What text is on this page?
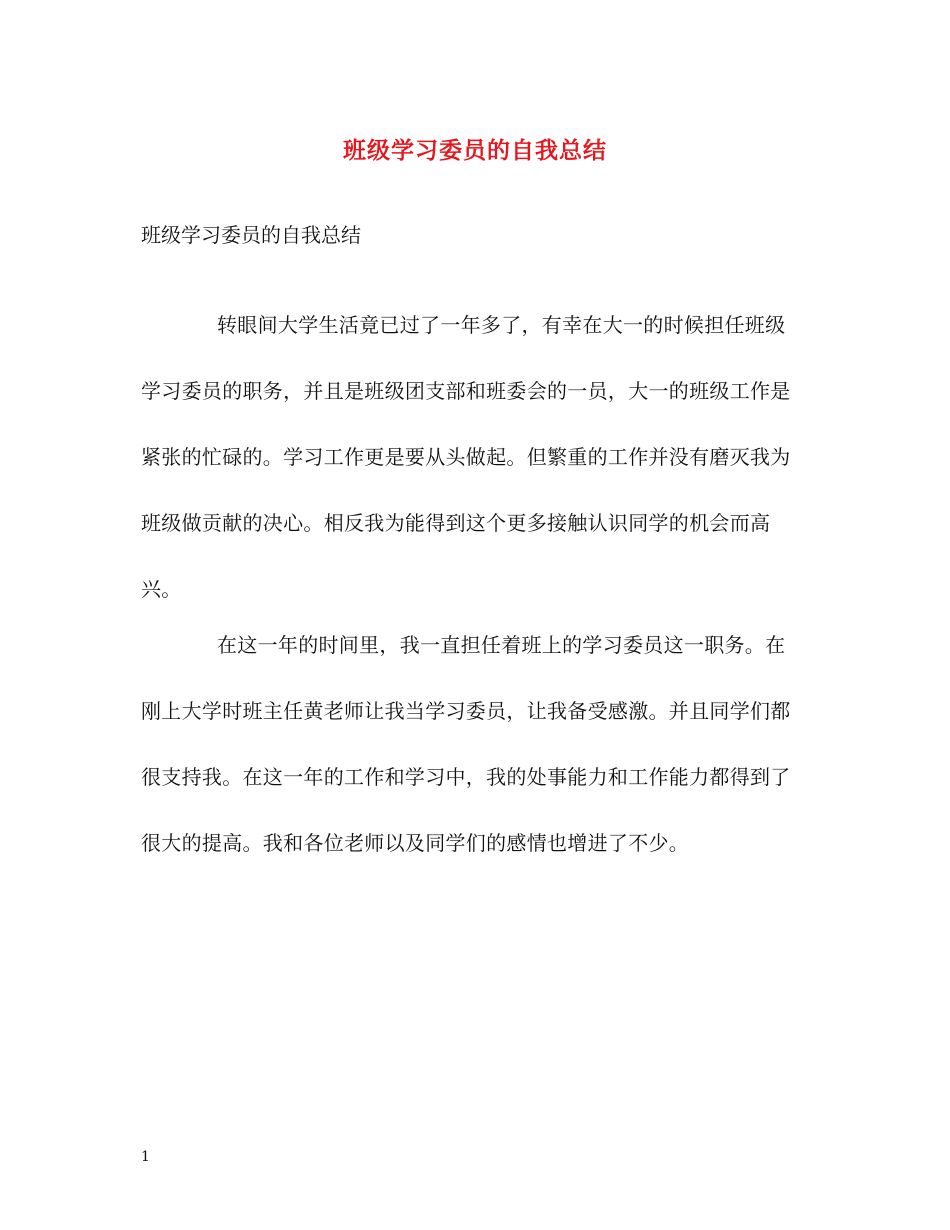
班级学习委员的自我总结
班级学习委员的自我总结

转眼间大学生活竟已过了一年多了，有幸在大一的时候担任班级学习委员的职务，并且是班级团支部和班委会的一员，大一的班级工作是紧张的忙碌的。学习工作更是要从头做起。但繁重的工作并没有磨灭我为班级做贡献的决心。相反我为能得到这个更多接触认识同学的机会而高兴。

在这一年的时间里，我一直担任着班上的学习委员这一职务。在刚上大学时班主任黄老师让我当学习委员，让我备受感激。并且同学们都很支持我。在这一年的工作和学习中，我的处事能力和工作能力都得到了很大的提高。我和各位老师以及同学们的感情也增进了不少。

1
